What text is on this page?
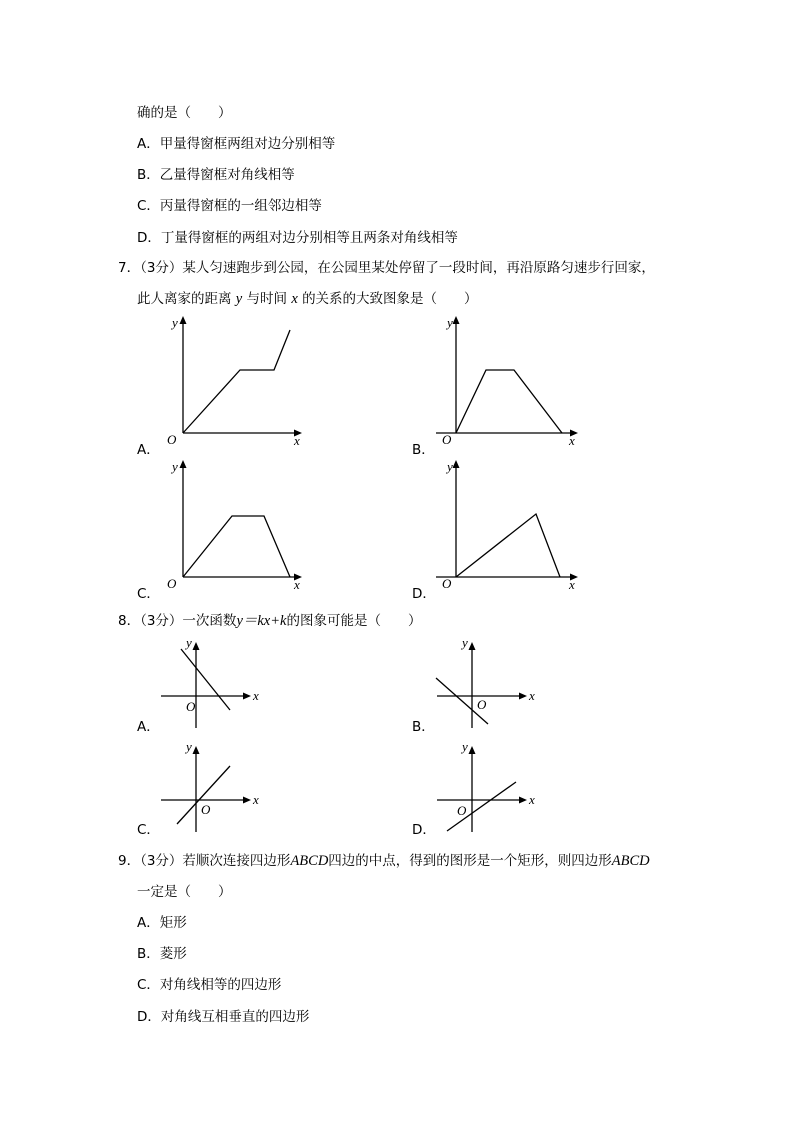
确的是（　　）
A．甲量得窗框两组对边分别相等
B．乙量得窗框对角线相等
C．丙量得窗框的一组邻边相等
D．丁量得窗框的两组对边分别相等且两条对角线相等
7．（3分）某人匀速跑步到公园，在公园里某处停留了一段时间，再沿原路匀速步行回家，
此人离家的距离 y 与时间 x 的关系的大致图象是（　　）
y
x
O
A．
y
x
O
B．
y
x
O
C．
y
x
O
D．
8．（3分）一次函数y＝kx+k的图象可能是（　　）
y
x
O
A．
y
x
O
B．
y
x
O
C．
y
x
O
D．
9．（3分）若顺次连接四边形ABCD四边的中点，得到的图形是一个矩形，则四边形ABCD
一定是（　　）
A．矩形
B．菱形
C．对角线相等的四边形
D．对角线互相垂直的四边形
